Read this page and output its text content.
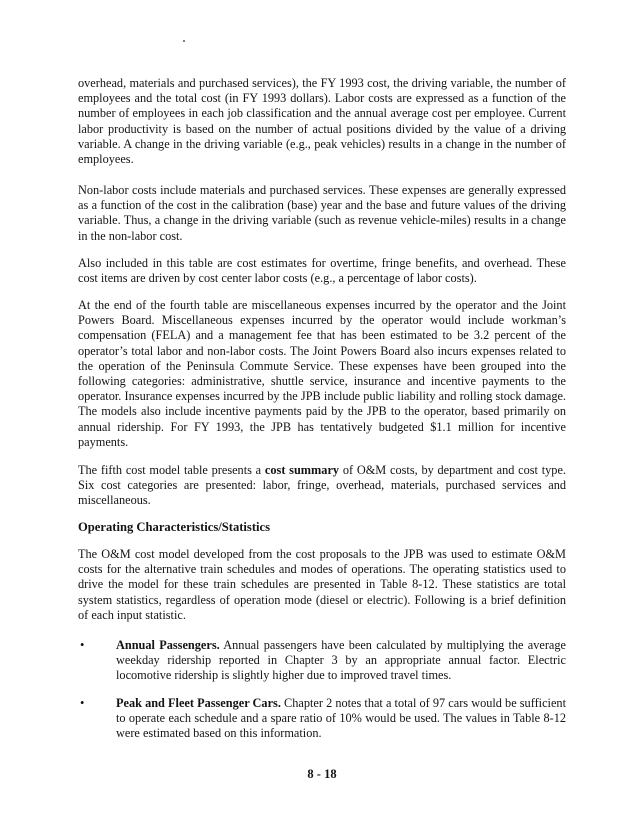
overhead, materials and purchased services), the FY 1993 cost, the driving variable, the number of employees and the total cost (in FY 1993 dollars). Labor costs are expressed as a function of the number of employees in each job classification and the annual average cost per employee. Current labor productivity is based on the number of actual positions divided by the value of a driving variable. A change in the driving variable (e.g., peak vehicles) results in a change in the number of employees.

Non-labor costs include materials and purchased services. These expenses are generally expressed as a function of the cost in the calibration (base) year and the base and future values of the driving variable. Thus, a change in the driving variable (such as revenue vehicle-miles) results in a change in the non-labor cost.

Also included in this table are cost estimates for overtime, fringe benefits, and overhead. These cost items are driven by cost center labor costs (e.g., a percentage of labor costs).

At the end of the fourth table are miscellaneous expenses incurred by the operator and the Joint Powers Board. Miscellaneous expenses incurred by the operator would include workman’s compensation (FELA) and a management fee that has been estimated to be 3.2 percent of the operator’s total labor and non-labor costs. The Joint Powers Board also incurs expenses related to the operation of the Peninsula Commute Service. These expenses have been grouped into the following categories: administrative, shuttle service, insurance and incentive payments to the operator. Insurance expenses incurred by the JPB include public liability and rolling stock damage. The models also include incentive payments paid by the JPB to the operator, based primarily on annual ridership. For FY 1993, the JPB has tentatively budgeted $1.1 million for incentive payments.

The fifth cost model table presents a cost summary of O&M costs, by department and cost type. Six cost categories are presented: labor, fringe, overhead, materials, purchased services and miscellaneous.

Operating Characteristics/Statistics

The O&M cost model developed from the cost proposals to the JPB was used to estimate O&M costs for the alternative train schedules and modes of operations. The operating statistics used to drive the model for these train schedules are presented in Table 8-12. These statistics are total system statistics, regardless of operation mode (diesel or electric). Following is a brief definition of each input statistic.

•	Annual Passengers. Annual passengers have been calculated by multiplying the average weekday ridership reported in Chapter 3 by an appropriate annual factor. Electric locomotive ridership is slightly higher due to improved travel times.

•	Peak and Fleet Passenger Cars. Chapter 2 notes that a total of 97 cars would be sufficient to operate each schedule and a spare ratio of 10% would be used. The values in Table 8-12 were estimated based on this information.

8 - 18
